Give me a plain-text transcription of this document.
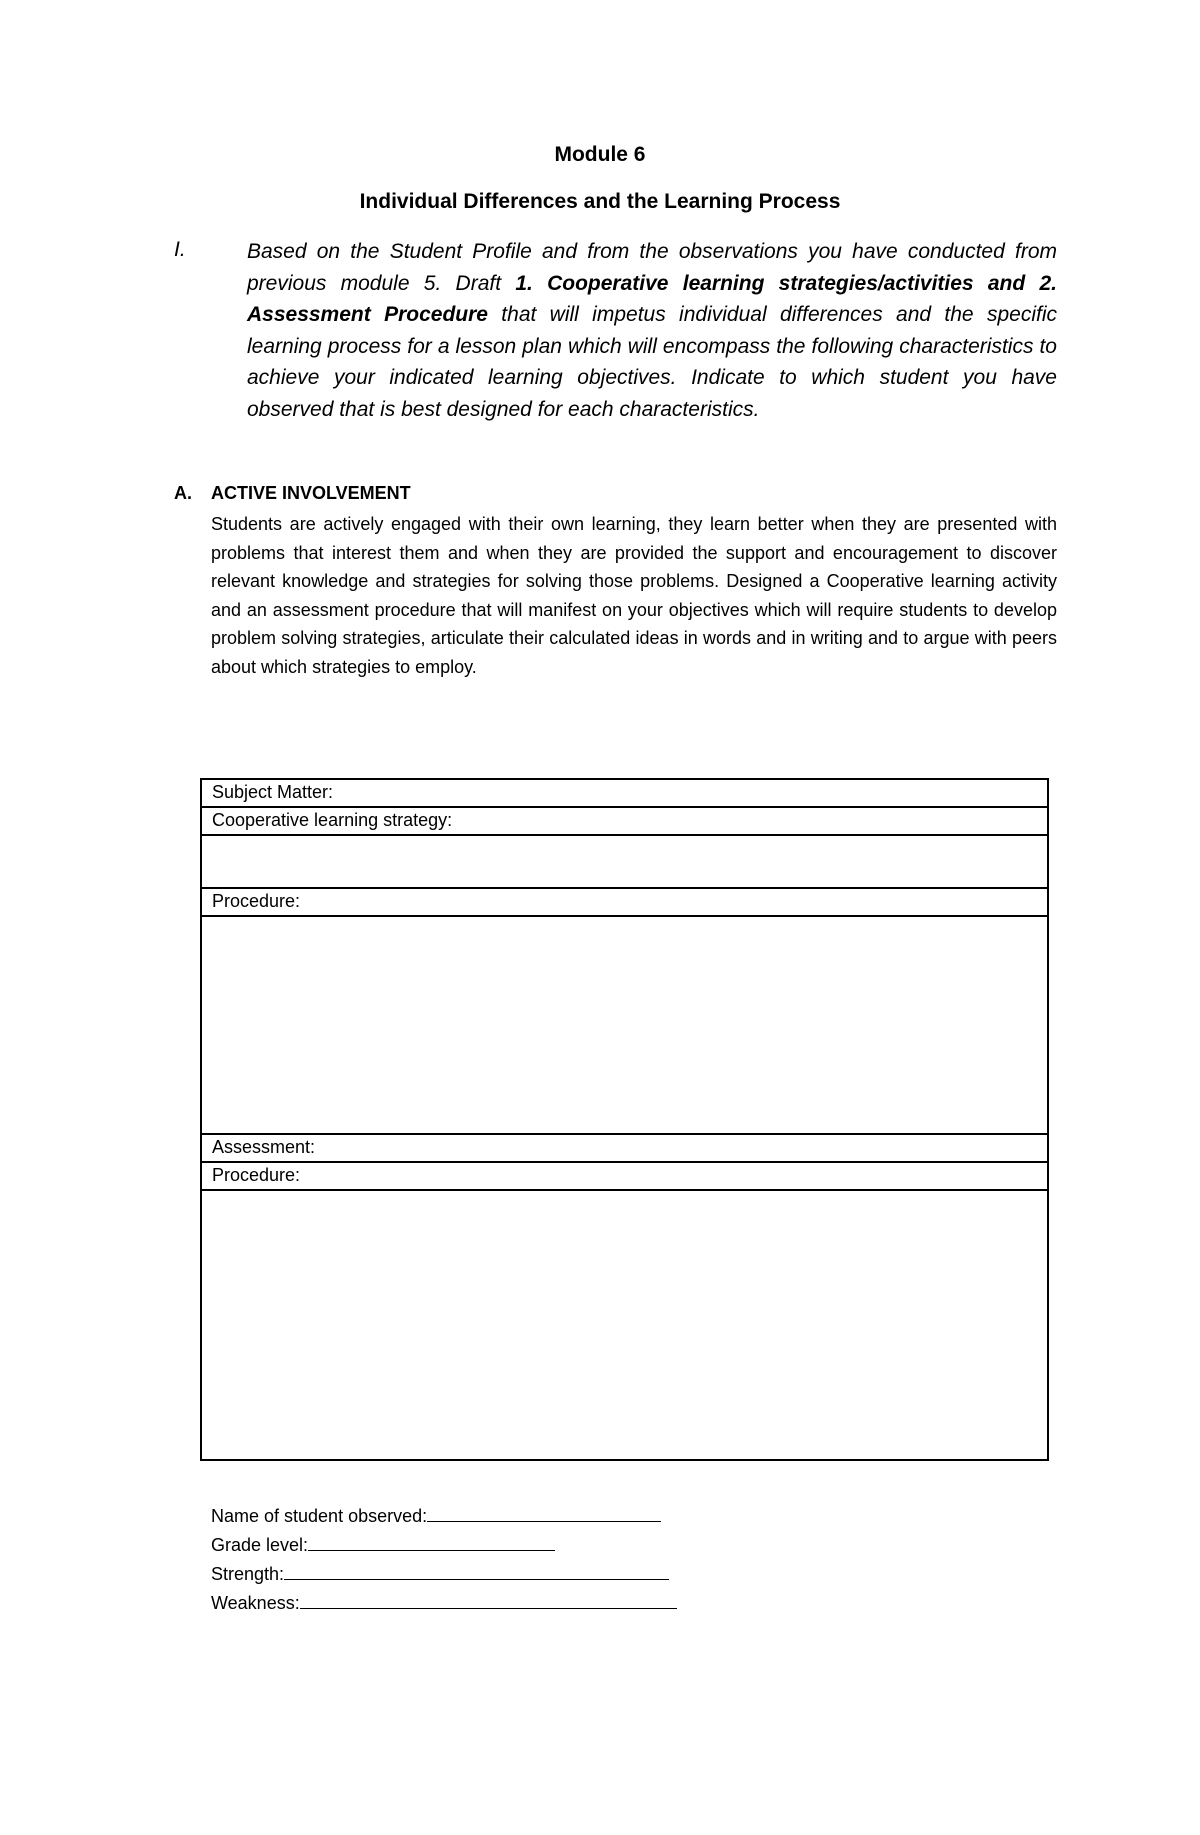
Module 6
Individual Differences and the Learning Process
I.	Based on the Student Profile and from the observations you have conducted from previous module 5. Draft 1. Cooperative learning strategies/activities and 2. Assessment Procedure that will impetus individual differences and the specific learning process for a lesson plan which will encompass the following characteristics to achieve your indicated learning objectives. Indicate to which student you have observed that is best designed for each characteristics.
A. ACTIVE INVOLVEMENT
Students are actively engaged with their own learning, they learn better when they are presented with problems that interest them and when they are provided the support and encouragement to discover relevant knowledge and strategies for solving those problems. Designed a Cooperative learning activity and an assessment procedure that will manifest on your objectives which will require students to develop problem solving strategies, articulate their calculated ideas in words and in writing and to argue with peers about which strategies to employ.
Subject Matter:
Cooperative learning strategy:
Procedure:
Assessment:
Procedure:
Name of student observed:
Grade level:
Strength:
Weakness:
